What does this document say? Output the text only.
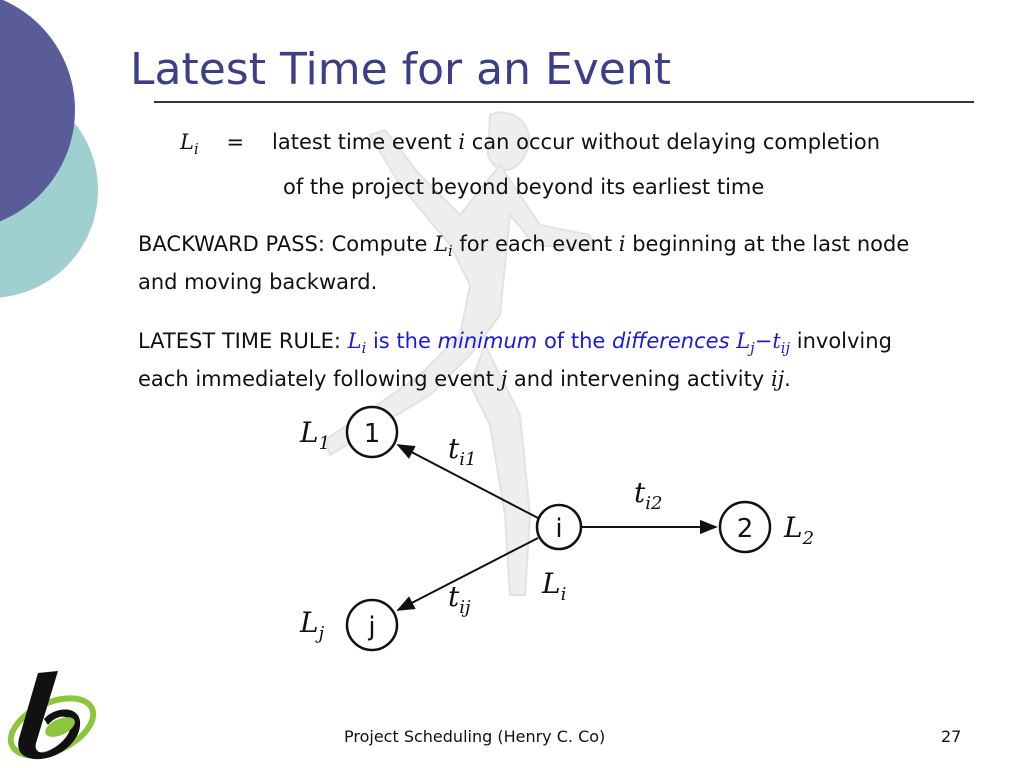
Latest Time for an Event
$L_i$ = latest time event i can occur without delaying completion
of the project beyond beyond its earliest time
BACKWARD PASS: Compute $L_i$ for each event i beginning at the last node
and moving backward.
LATEST TIME RULE: $L_i$ is the minimum of the differences $L_j-t_{ij}$ involving
each immediately following event j and intervening activity ij.
1
i	2
j
$L_1$
$L_j$
$L_2$
$L_i$
$t_{i1}$
$t_{i2}$
$t_{ij}$
Project Scheduling (Henry C. Co)	27
